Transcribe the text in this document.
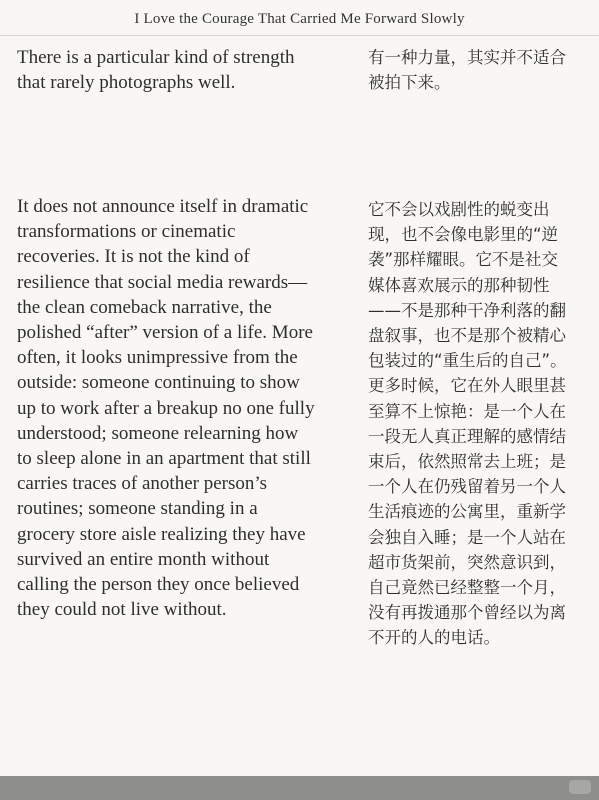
I Love the Courage That Carried Me Forward Slowly
There is a particular kind of strength that rarely photographs well.
It does not announce itself in dramatic transformations or cinematic recoveries. It is not the kind of resilience that social media rewards—the clean comeback narrative, the polished “after” version of a life. More often, it looks unimpressive from the outside: someone continuing to show up to work after a breakup no one fully understood; someone relearning how to sleep alone in an apartment that still carries traces of another person’s routines; someone standing in a grocery store aisle realizing they have survived an entire month without calling the person they once believed they could not live without.
有一种力量，其实并不适合被拍下来。
它不会以戏剧性的蜕变出现，也不会像电影里的“逆袭”那样耀眼。它不是社交媒体喜欢展示的那种韧性——不是那种干净利落的翻盘叙事，也不是那个被精心包装过的“重生后的自己”。更多时候，它在外人眼里甚至算不上惊艳：是一个人在一段无人真正理解的感情结束后，依然照常去上班；是一个人在仍残留着另一个人生活痕迹的公寓里，重新学会独自入睡；是一个人站在超市货架前，突然意识到，自己竟然已经整整一个月，没有再拨通那个曾经以为离不开的人的电话。
